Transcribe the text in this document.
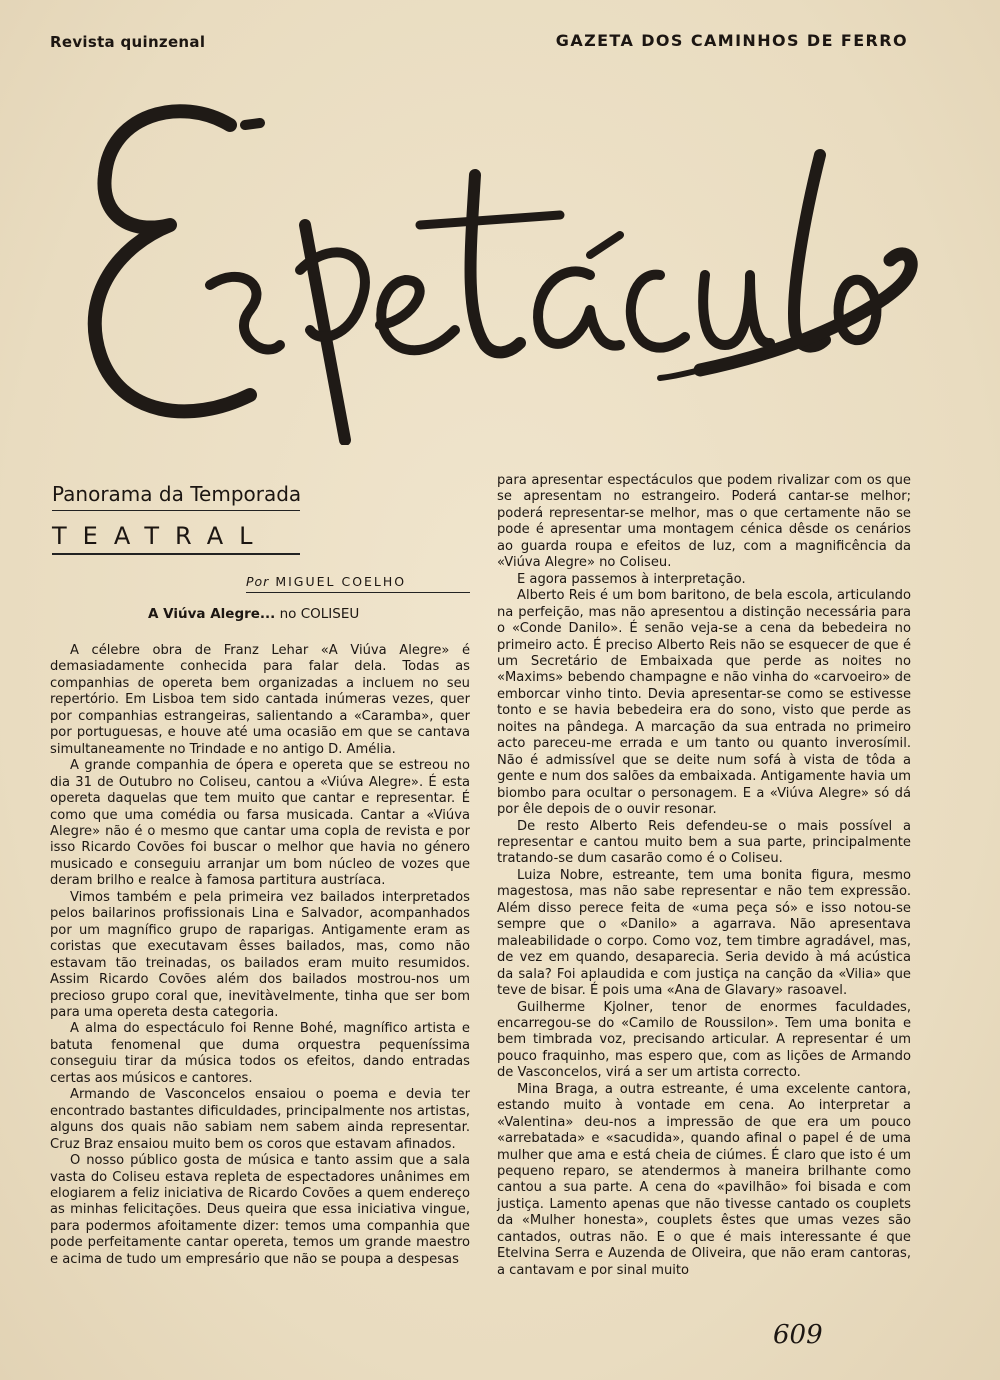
Revista quinzenal	GAZETA DOS CAMINHOS DE FERRO
Panorama da Temporada
TEATRAL
Por MIGUEL COELHO
A Viúva Alegre... no COLISEU

A célebre obra de Franz Lehar «A Viúva Alegre» é demasiadamente conhecida para falar dela. Todas as companhias de opereta bem organizadas a incluem no seu repertório. Em Lisboa tem sido cantada inúmeras vezes, quer por companhias estrangeiras, salientando a «Caramba», quer por portuguesas, e houve até uma ocasião em que se cantava simultaneamente no Trindade e no antigo D. Amélia.

A grande companhia de ópera e opereta que se estreou no dia 31 de Outubro no Coliseu, cantou a «Viúva Alegre». É esta opereta daquelas que tem muito que cantar e representar. É como que uma comédia ou farsa musicada. Cantar a «Viúva Alegre» não é o mesmo que cantar uma copla de revista e por isso Ricardo Covões foi buscar o melhor que havia no género musicado e conseguiu arranjar um bom núcleo de vozes que deram brilho e realce à famosa partitura austríaca.

Vimos também e pela primeira vez bailados interpretados pelos bailarinos profissionais Lina e Salvador, acompanhados por um magnífico grupo de raparigas. Antigamente eram as coristas que executavam êsses bailados, mas, como não estavam tão treinadas, os bailados eram muito resumidos. Assim Ricardo Covões além dos bailados mostrou-nos um precioso grupo coral que, inevitàvelmente, tinha que ser bom para uma opereta desta categoria.

A alma do espectáculo foi Renne Bohé, magnífico artista e batuta fenomenal que duma orquestra pequeníssima conseguiu tirar da música todos os efeitos, dando entradas certas aos músicos e cantores.

Armando de Vasconcelos ensaiou o poema e devia ter encontrado bastantes dificuldades, principalmente nos artistas, alguns dos quais não sabiam nem sabem ainda representar. Cruz Braz ensaiou muito bem os coros que estavam afinados.

O nosso público gosta de música e tanto assim que a sala vasta do Coliseu estava repleta de espectadores unânimes em elogiarem a feliz iniciativa de Ricardo Covões a quem endereço as minhas felicitações. Deus queira que essa iniciativa vingue, para podermos afoitamente dizer: temos uma companhia que pode perfeitamente cantar opereta, temos um grande maestro e acima de tudo um empresário que não se poupa a despesas

para apresentar espectáculos que podem rivalizar com os que se apresentam no estrangeiro. Poderá cantar-se melhor; poderá representar-se melhor, mas o que certamente não se pode é apresentar uma montagem cénica dêsde os cenários ao guarda roupa e efeitos de luz, com a magnificência da «Viúva Alegre» no Coliseu.

E agora passemos à interpretação.

Alberto Reis é um bom baritono, de bela escola, articulando na perfeição, mas não apresentou a distinção necessária para o «Conde Danilo». É senão veja-se a cena da bebedeira no primeiro acto. É preciso Alberto Reis não se esquecer de que é um Secretário de Embaixada que perde as noites no «Maxims» bebendo champagne e não vinha do «carvoeiro» de emborcar vinho tinto. Devia apresentar-se como se estivesse tonto e se havia bebedeira era do sono, visto que perde as noites na pândega. A marcação da sua entrada no primeiro acto pareceu-me errada e um tanto ou quanto inverosímil. Não é admissível que se deite num sofá à vista de tôda a gente e num dos salões da embaixada. Antigamente havia um biombo para ocultar o personagem. E a «Viúva Alegre» só dá por êle depois de o ouvir resonar.

De resto Alberto Reis defendeu-se o mais possível a representar e cantou muito bem a sua parte, principalmente tratando-se dum casarão como é o Coliseu.

Luiza Nobre, estreante, tem uma bonita figura, mesmo magestosa, mas não sabe representar e não tem expressão. Além disso perece feita de «uma peça só» e isso notou-se sempre que o «Danilo» a agarrava. Não apresentava maleabilidade o corpo. Como voz, tem timbre agradável, mas, de vez em quando, desaparecia. Seria devido à má acústica da sala? Foi aplaudida e com justiça na canção da «Vilia» que teve de bisar. É pois uma «Ana de Glavary» rasoavel.

Guilherme Kjolner, tenor de enormes faculdades, encarregou-se do «Camilo de Roussilon». Tem uma bonita e bem timbrada voz, precisando articular. A representar é um pouco fraquinho, mas espero que, com as lições de Armando de Vasconcelos, virá a ser um artista correcto.

Mina Braga, a outra estreante, é uma excelente cantora, estando muito à vontade em cena. Ao interpretar a «Valentina» deu-nos a impressão de que era um pouco «arrebatada» e «sacudida», quando afinal o papel é de uma mulher que ama e está cheia de ciúmes. É claro que isto é um pequeno reparo, se atendermos à maneira brilhante como cantou a sua parte. A cena do «pavilhão» foi bisada e com justiça. Lamento apenas que não tivesse cantado os couplets da «Mulher honesta», couplets êstes que umas vezes são cantados, outras não. E o que é mais interessante é que Etelvina Serra e Auzenda de Oliveira, que não eram cantoras, a cantavam e por sinal muito

609
